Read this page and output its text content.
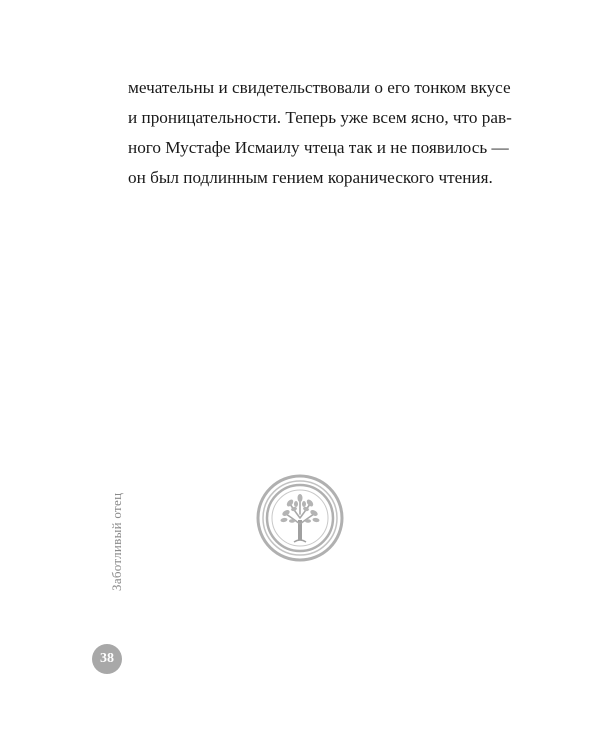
мечательны и свидетельствовали о его тонком вкусе
и проницательности. Теперь уже всем ясно, что рав-
ного Мустафе Исмаилу чтеца так и не появилось —
он был подлинным гением коранического чтения.
Заботливый отец
38
